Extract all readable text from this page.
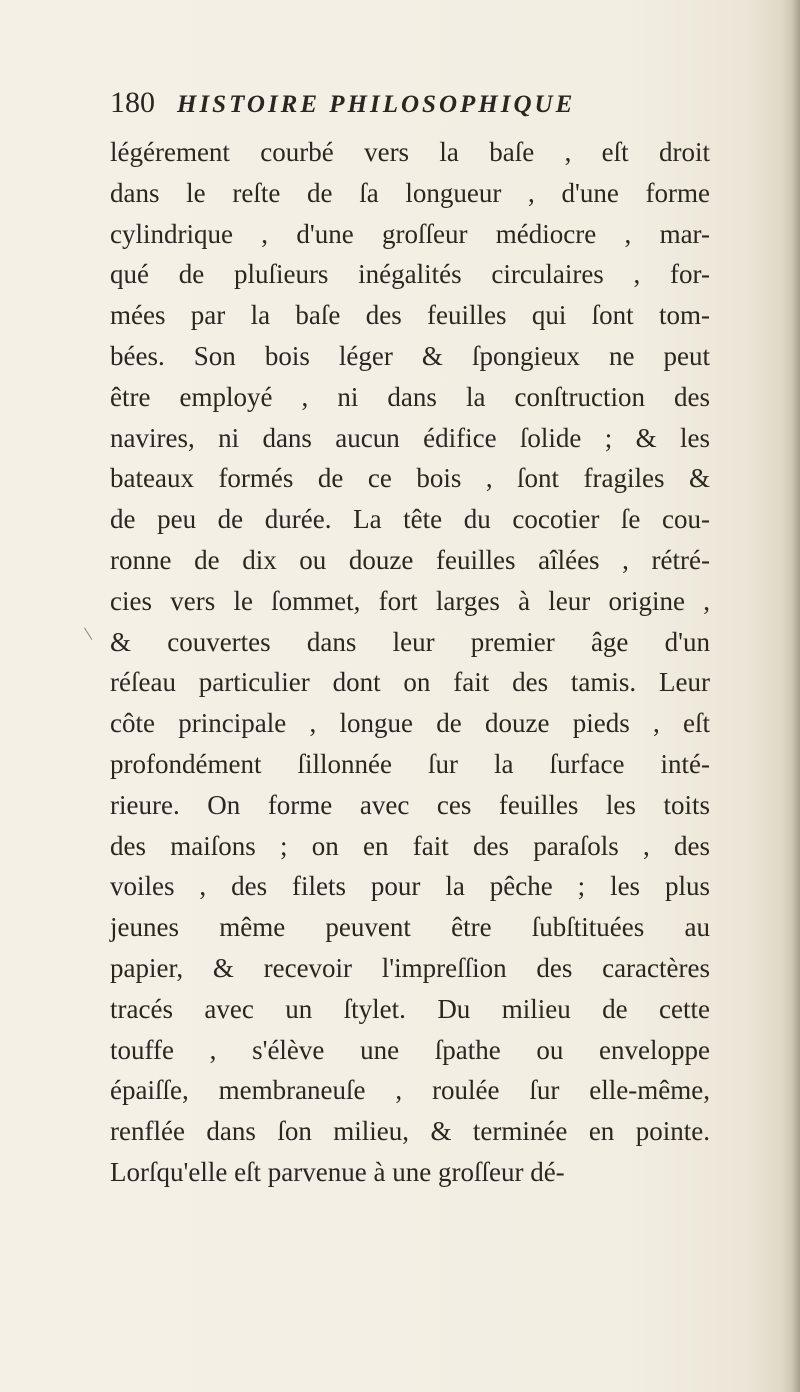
180 HISTOIRE PHILOSOPHIQUE
légérement courbé vers la baſe , eſt droit
dans le reſte de ſa longueur , d'une forme
cylindrique , d'une groſſeur médiocre , mar-
qué de pluſieurs inégalités circulaires , for-
mées par la baſe des feuilles qui ſont tom-
bées. Son bois léger & ſpongieux ne peut
être employé , ni dans la conſtruction des
navires, ni dans aucun édifice ſolide ; & les
bateaux formés de ce bois , ſont fragiles &
de peu de durée. La tête du cocotier ſe cou-
ronne de dix ou douze feuilles aîlées , rétré-
cies vers le ſommet, fort larges à leur origine ,
& couvertes dans leur premier âge d'un
réſeau particulier dont on fait des tamis. Leur
côte principale , longue de douze pieds , eſt
profondément ſillonnée ſur la ſurface inté-
rieure. On forme avec ces feuilles les toits
des maiſons ; on en fait des paraſols , des
voiles , des filets pour la pêche ; les plus
jeunes même peuvent être ſubſtituées au
papier, & recevoir l'impreſſion des caractères
tracés avec un ſtylet. Du milieu de cette
touffe , s'élève une ſpathe ou enveloppe
épaiſſe, membraneuſe , roulée ſur elle-même,
renflée dans ſon milieu, & terminée en pointe.
Lorſqu'elle eſt parvenue à une groſſeur dé-
